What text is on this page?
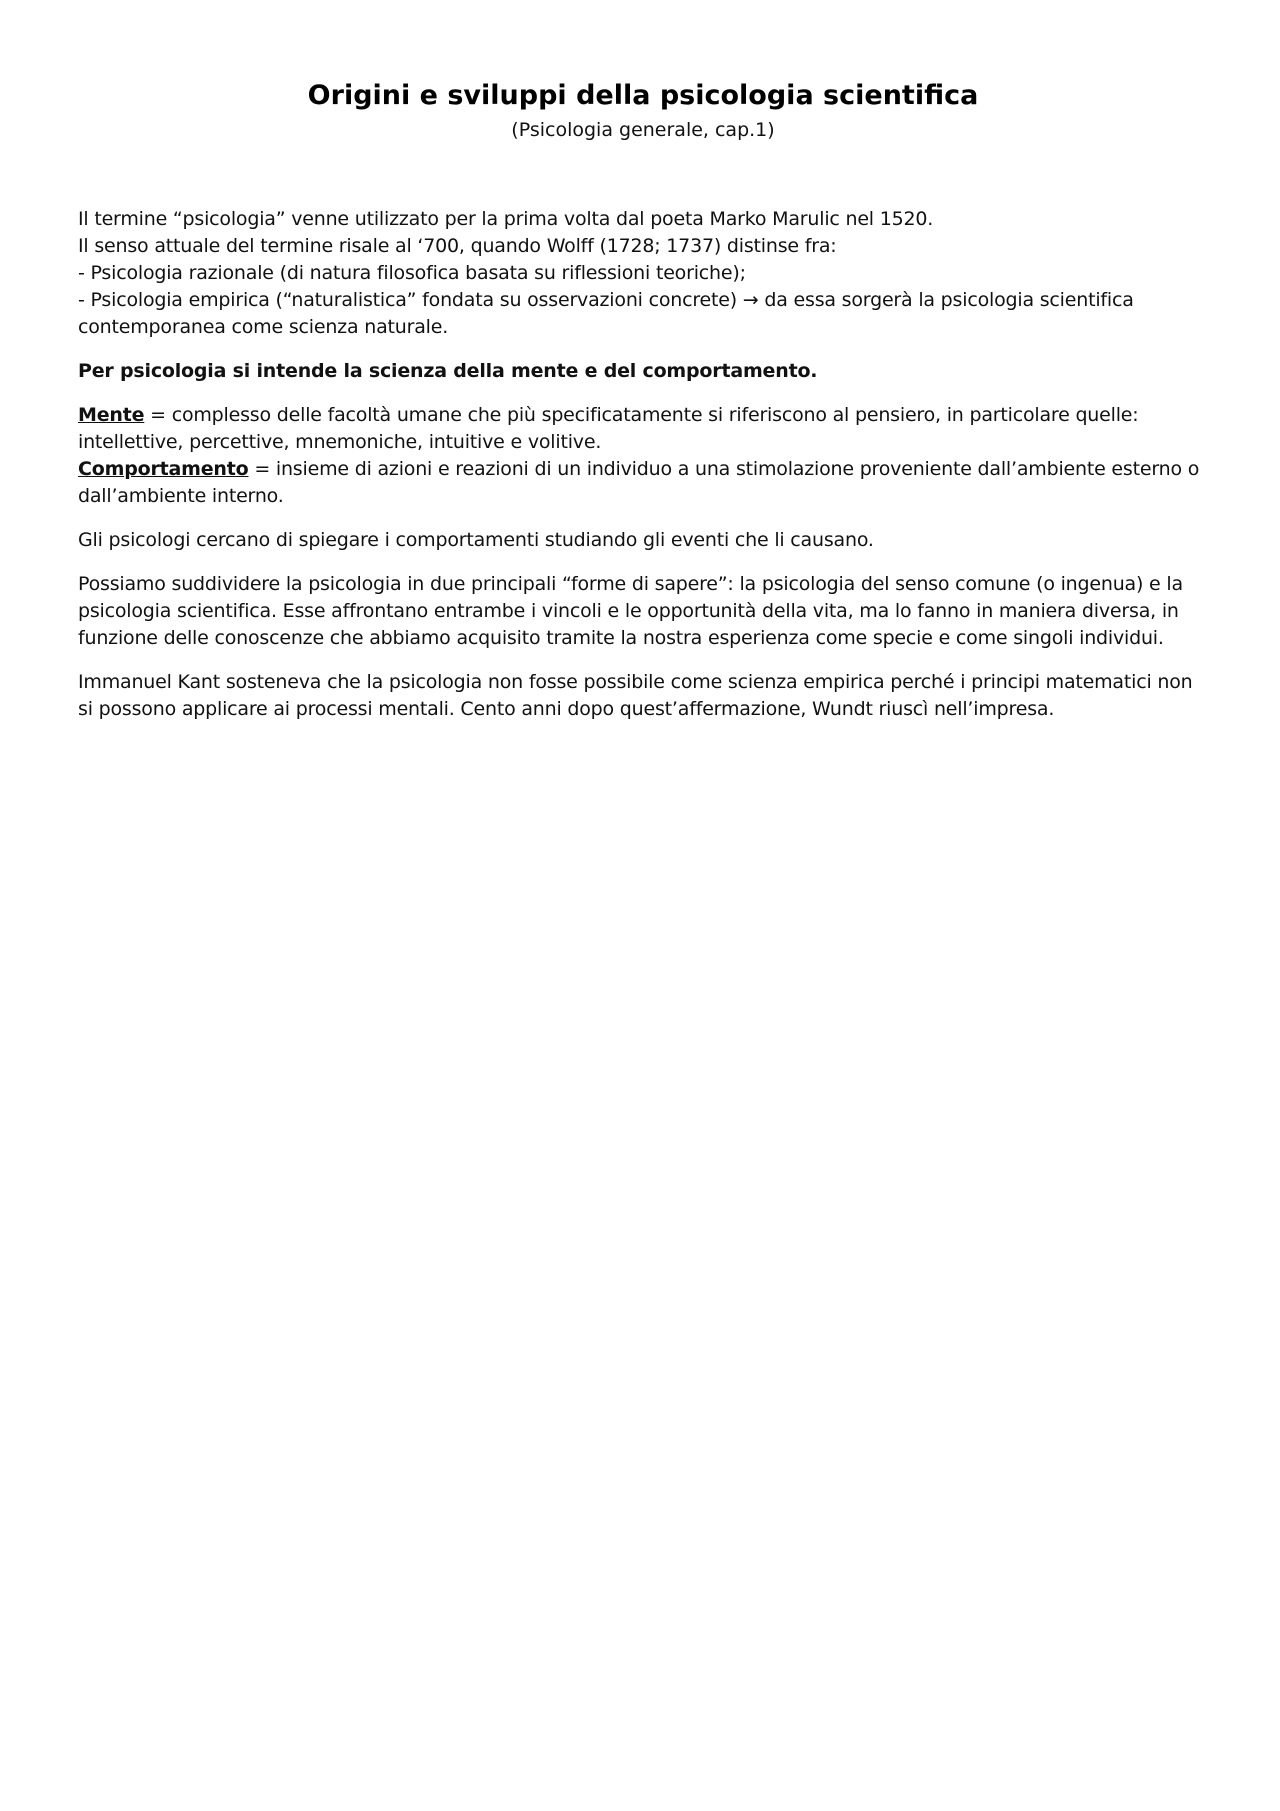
Origini e sviluppi della psicologia scientifica

(Psicologia generale, cap.1)

Il termine “psicologia” venne utilizzato per la prima volta dal poeta Marko Marulic nel 1520.
Il senso attuale del termine risale al ‘700, quando Wolff (1728; 1737) distinse fra:
- Psicologia razionale (di natura filosofica basata su riflessioni teoriche);
- Psicologia empirica (“naturalistica” fondata su osservazioni concrete) → da essa sorgerà la psicologia scientifica contemporanea come scienza naturale.

Per psicologia si intende la scienza della mente e del comportamento.

Mente = complesso delle facoltà umane che più specificatamente si riferiscono al pensiero, in particolare quelle: intellettive, percettive, mnemoniche, intuitive e volitive.
Comportamento = insieme di azioni e reazioni di un individuo a una stimolazione proveniente dall’ambiente esterno o dall’ambiente interno.

Gli psicologi cercano di spiegare i comportamenti studiando gli eventi che li causano.

Possiamo suddividere la psicologia in due principali “forme di sapere”: la psicologia del senso comune (o ingenua) e la psicologia scientifica. Esse affrontano entrambe i vincoli e le opportunità della vita, ma lo fanno in maniera diversa, in funzione delle conoscenze che abbiamo acquisito tramite la nostra esperienza come specie e come singoli individui.

Immanuel Kant sosteneva che la psicologia non fosse possibile come scienza empirica perché i principi matematici non si possono applicare ai processi mentali. Cento anni dopo quest’affermazione, Wundt riuscì nell’impresa.
